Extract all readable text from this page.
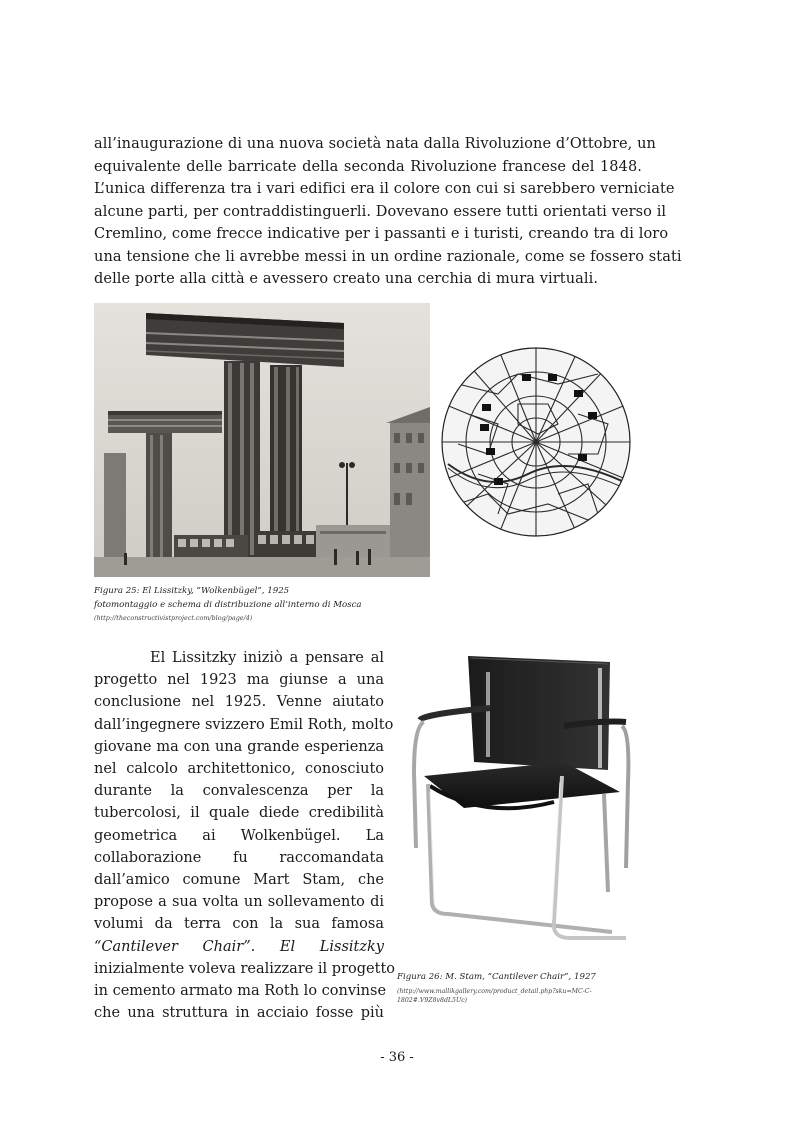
all’inaugurazione di una nuova società nata dalla Rivoluzione d’Ottobre, un
equivalente delle barricate della seconda Rivoluzione francese del 1848.
L’unica differenza tra i vari edifici era il colore con cui si sarebbero verniciate
alcune parti, per contraddistinguerli. Dovevano essere tutti orientati verso il
Cremlino, come frecce indicative per i passanti e i turisti, creando tra di loro
una tensione che li avrebbe messi in un ordine razionale, come se fossero stati
delle porte alla città e avessero creato una cerchia di mura virtuali.
Figura 25: El Lissitzky, “Wolkenbügel”, 1925
fotomontaggio e schema di distribuzione all’interno di Mosca
(http://theconstructivistproject.com/blog/page/4)
El Lissitzky iniziò a pensare al
progetto nel 1923 ma giunse a una
conclusione nel 1925. Venne aiutato
dall’ingegnere svizzero Emil Roth, molto
giovane ma con una grande esperienza
nel calcolo architettonico, conosciuto
durante la convalescenza per la
tubercolosi, il quale diede credibilità
geometrica ai Wolkenbügel. La
collaborazione fu raccomandata
dall’amico comune Mart Stam, che
propose a sua volta un sollevamento di
volumi da terra con la sua famosa
“Cantilever Chair”. El Lissitzky
inizialmente voleva realizzare il progetto
in cemento armato ma Roth lo convinse
che una struttura in acciaio fosse più
Figura 26: M. Stam, “Cantilever Chair”, 1927
(http://www.mallikgallery.com/product_detail.php?sku=MC-C-
1802#.V9Z8v8dL5Uc)
- 36 -
